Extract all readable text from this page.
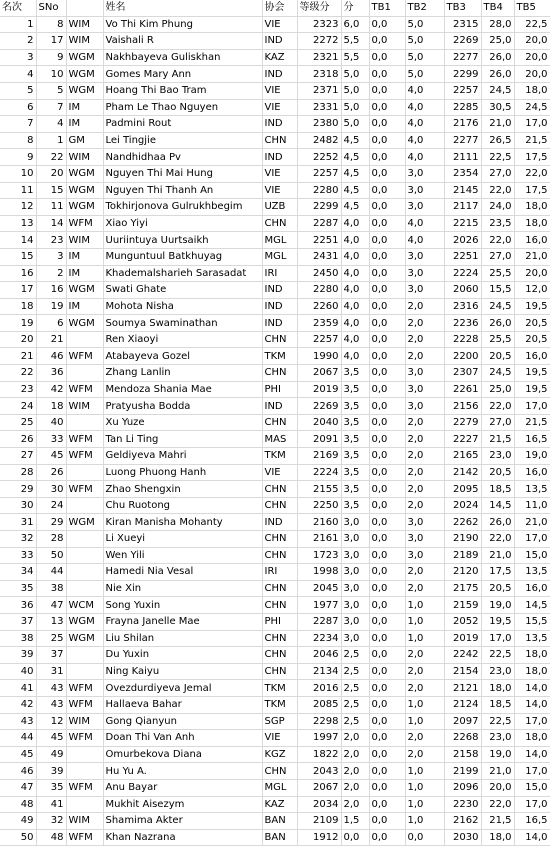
名次	SNo		姓名	协会	等级分	分	TB1	TB2	TB3	TB4	TB5
1	8	WIM	Vo Thi Kim Phung	VIE	2323	6,0	0,0	5,0	2315	28,0	22,5
2	17	WIM	Vaishali R	IND	2272	5,5	0,0	5,0	2269	25,0	20,0
3	9	WGM	Nakhbayeva Guliskhan	KAZ	2321	5,5	0,0	5,0	2277	26,0	20,0
4	10	WGM	Gomes Mary Ann	IND	2318	5,0	0,0	5,0	2299	26,0	20,0
5	5	WGM	Hoang Thi Bao Tram	VIE	2371	5,0	0,0	4,0	2257	24,5	18,0
6	7	IM	Pham Le Thao Nguyen	VIE	2331	5,0	0,0	4,0	2285	30,5	24,5
7	4	IM	Padmini Rout	IND	2380	5,0	0,0	4,0	2176	21,0	17,0
8	1	GM	Lei Tingjie	CHN	2482	4,5	0,0	4,0	2277	26,5	21,5
9	22	WIM	Nandhidhaa Pv	IND	2252	4,5	0,0	4,0	2111	22,5	17,5
10	20	WGM	Nguyen Thi Mai Hung	VIE	2257	4,5	0,0	3,0	2354	27,0	22,0
11	15	WGM	Nguyen Thi Thanh An	VIE	2280	4,5	0,0	3,0	2145	22,0	17,5
12	11	WGM	Tokhirjonova Gulrukhbegim	UZB	2299	4,5	0,0	3,0	2117	24,0	18,0
13	14	WFM	Xiao Yiyi	CHN	2287	4,0	0,0	4,0	2215	23,5	18,0
14	23	WIM	Uuriintuya Uurtsaikh	MGL	2251	4,0	0,0	4,0	2026	22,0	16,0
15	3	IM	Munguntuul Batkhuyag	MGL	2431	4,0	0,0	3,0	2251	27,0	21,0
16	2	IM	Khademalsharieh Sarasadat	IRI	2450	4,0	0,0	3,0	2224	25,5	20,0
17	16	WGM	Swati Ghate	IND	2280	4,0	0,0	3,0	2060	15,5	12,0
18	19	IM	Mohota Nisha	IND	2260	4,0	0,0	2,0	2316	24,5	19,5
19	6	WGM	Soumya Swaminathan	IND	2359	4,0	0,0	2,0	2236	26,0	20,5
20	21		Ren Xiaoyi	CHN	2257	4,0	0,0	2,0	2228	25,5	20,5
21	46	WFM	Atabayeva Gozel	TKM	1990	4,0	0,0	2,0	2200	20,5	16,0
22	36		Zhang Lanlin	CHN	2067	3,5	0,0	3,0	2307	24,5	19,5
23	42	WFM	Mendoza Shania Mae	PHI	2019	3,5	0,0	3,0	2261	25,0	19,5
24	18	WIM	Pratyusha Bodda	IND	2269	3,5	0,0	3,0	2156	22,0	17,0
25	40		Xu Yuze	CHN	2040	3,5	0,0	2,0	2279	27,0	21,5
26	33	WFM	Tan Li Ting	MAS	2091	3,5	0,0	2,0	2227	21,5	16,5
27	45	WFM	Geldiyeva Mahri	TKM	2169	3,5	0,0	2,0	2165	23,0	19,0
28	26		Luong Phuong Hanh	VIE	2224	3,5	0,0	2,0	2142	20,5	16,0
29	30	WFM	Zhao Shengxin	CHN	2155	3,5	0,0	2,0	2095	18,5	13,5
30	24		Chu Ruotong	CHN	2250	3,5	0,0	2,0	2024	14,5	11,0
31	29	WGM	Kiran Manisha Mohanty	IND	2160	3,0	0,0	3,0	2262	26,0	21,0
32	28		Li Xueyi	CHN	2161	3,0	0,0	3,0	2190	22,0	17,0
33	50		Wen Yili	CHN	1723	3,0	0,0	3,0	2189	21,0	15,0
34	44		Hamedi Nia Vesal	IRI	1998	3,0	0,0	2,0	2120	17,5	13,5
35	38		Nie Xin	CHN	2045	3,0	0,0	2,0	2175	20,5	16,0
36	47	WCM	Song Yuxin	CHN	1977	3,0	0,0	1,0	2159	19,0	14,5
37	13	WGM	Frayna Janelle Mae	PHI	2287	3,0	0,0	1,0	2052	19,5	15,5
38	25	WGM	Liu Shilan	CHN	2234	3,0	0,0	1,0	2019	17,0	13,5
39	37		Du Yuxin	CHN	2046	2,5	0,0	2,0	2242	22,5	18,0
40	31		Ning Kaiyu	CHN	2134	2,5	0,0	2,0	2154	23,0	18,0
41	43	WFM	Ovezdurdiyeva Jemal	TKM	2016	2,5	0,0	2,0	2121	18,0	14,0
42	43	WFM	Hallaeva Bahar	TKM	2085	2,5	0,0	1,0	2124	18,5	14,0
43	12	WIM	Gong Qianyun	SGP	2298	2,5	0,0	1,0	2097	22,5	17,0
44	45	WFM	Doan Thi Van Anh	VIE	1997	2,0	0,0	2,0	2268	23,0	18,0
45	49		Omurbekova Diana	KGZ	1822	2,0	0,0	2,0	2158	19,0	14,0
46	39		Hu Yu A.	CHN	2043	2,0	0,0	1,0	2199	21,0	17,0
47	35	WFM	Anu Bayar	MGL	2067	2,0	0,0	1,0	2096	20,0	15,0
48	41		Mukhit Aisezym	KAZ	2034	2,0	0,0	1,0	2230	22,0	17,0
49	32	WIM	Shamima Akter	BAN	2109	1,5	0,0	1,0	2162	21,5	16,5
50	48	WFM	Khan Nazrana	BAN	1912	0,0	0,0	0,0	2030	18,0	14,0
